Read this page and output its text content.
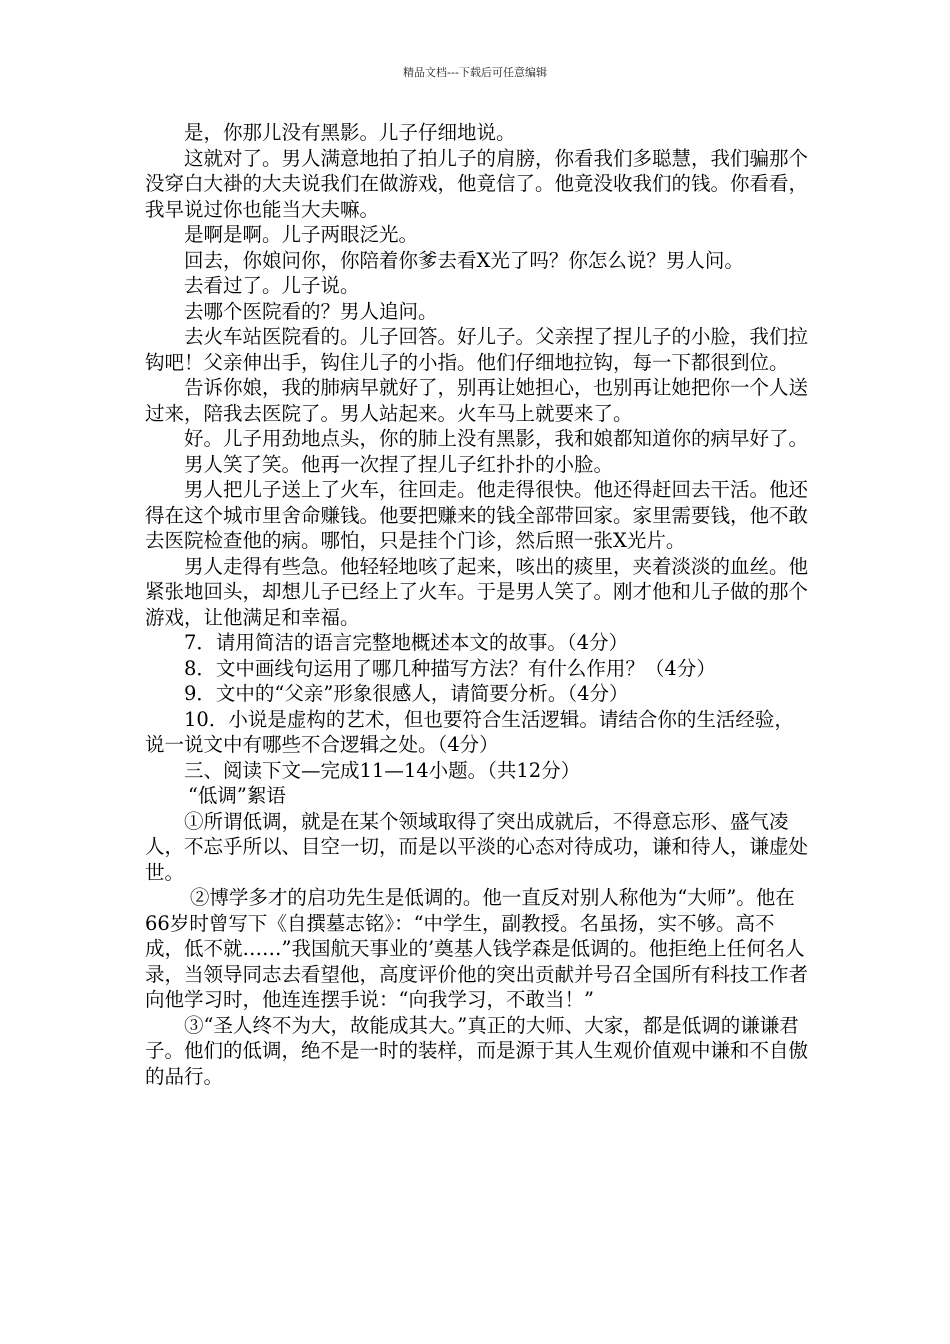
精品文档---下载后可任意编辑

是，你那儿没有黑影。儿子仔细地说。

这就对了。男人满意地拍了拍儿子的肩膀，你看我们多聪慧，我们骗那个没穿白大褂的大夫说我们在做游戏，他竟信了。他竟没收我们的钱。你看看，我早说过你也能当大夫嘛。

是啊是啊。儿子两眼泛光。

回去，你娘问你，你陪着你爹去看X光了吗？你怎么说？男人问。

去看过了。儿子说。

去哪个医院看的？男人追问。

去火车站医院看的。儿子回答。好儿子。父亲捏了捏儿子的小脸，我们拉钩吧！父亲伸出手，钩住儿子的小指。他们仔细地拉钩，每一下都很到位。

告诉你娘，我的肺病早就好了，别再让她担心，也别再让她把你一个人送过来，陪我去医院了。男人站起来。火车马上就要来了。

好。儿子用劲地点头，你的肺上没有黑影，我和娘都知道你的病早好了。

男人笑了笑。他再一次捏了捏儿子红扑扑的小脸。

男人把儿子送上了火车，往回走。他走得很快。他还得赶回去干活。他还得在这个城市里舍命赚钱。他要把赚来的钱全部带回家。家里需要钱，他不敢去医院检查他的病。哪怕，只是挂个门诊，然后照一张X光片。

男人走得有些急。他轻轻地咳了起来，咳出的痰里，夹着淡淡的血丝。他紧张地回头，却想儿子已经上了火车。于是男人笑了。刚才他和儿子做的那个游戏，让他满足和幸福。

7．请用简洁的语言完整地概述本文的故事。（4分）

8．文中画线句运用了哪几种描写方法？有什么作用？（4分）

9．文中的“父亲”形象很感人，请简要分析。（4分）

10．小说是虚构的艺术，但也要符合生活逻辑。请结合你的生活经验，说一说文中有哪些不合逻辑之处。（4分）

三、阅读下文—完成11—14小题。（共12分）

“低调”絮语

①所谓低调，就是在某个领域取得了突出成就后，不得意忘形、盛气凌人，不忘乎所以、目空一切，而是以平淡的心态对待成功，谦和待人，谦虚处世。

②博学多才的启功先生是低调的。他一直反对别人称他为“大师”。他在66岁时曾写下《自撰墓志铭》：“中学生，副教授。名虽扬，实不够。高不成，低不就……”我国航天事业的’奠基人钱学森是低调的。他拒绝上任何名人录，当领导同志去看望他，高度评价他的突出贡献并号召全国所有科技工作者向他学习时，他连连摆手说：“向我学习，不敢当！”

③“圣人终不为大，故能成其大。”真正的大师、大家，都是低调的谦谦君子。他们的低调，绝不是一时的装样，而是源于其人生观价值观中谦和不自傲的品行。
